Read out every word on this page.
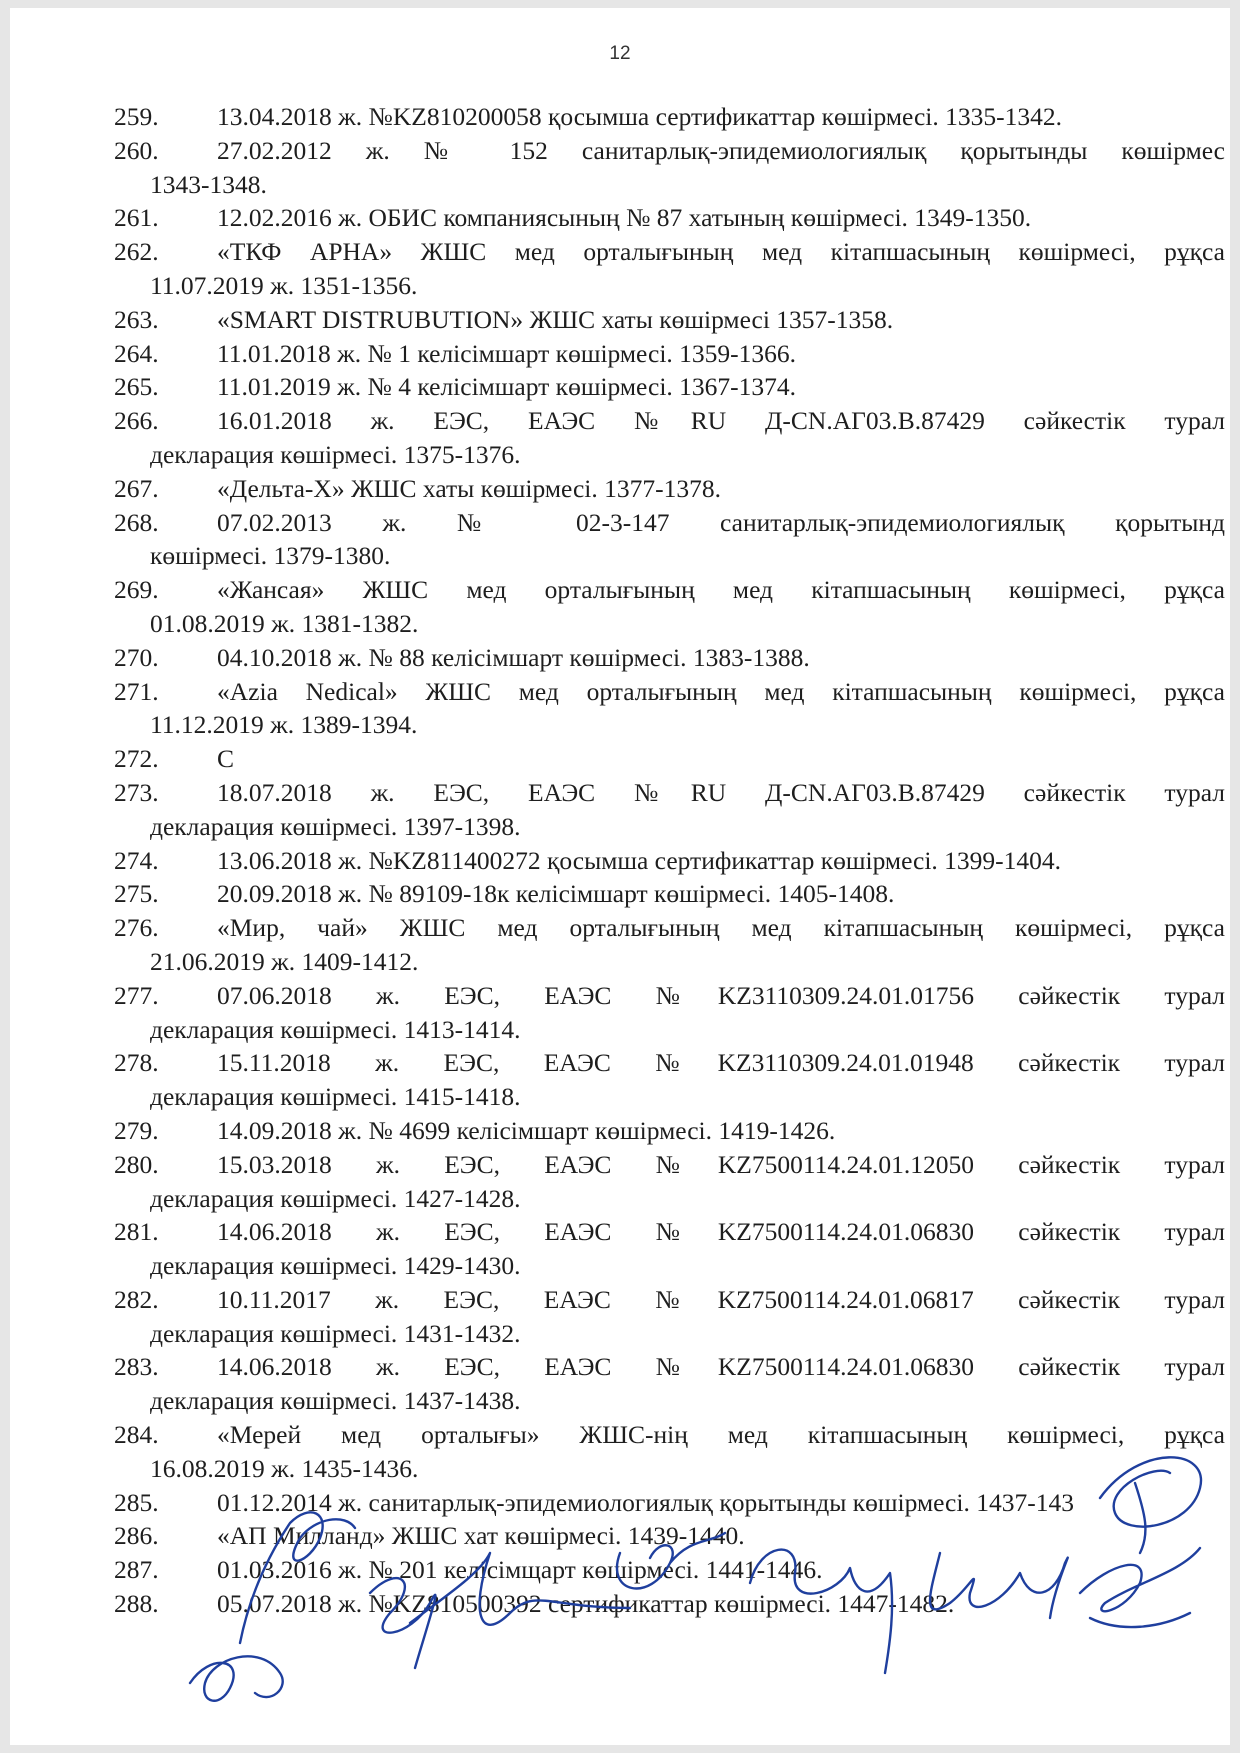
12
259. 13.04.2018 ж. №KZ810200058 қосымша сертификаттар көшірмесі. 1335-1342.
260. 27.02.2012 ж. № 152 санитарлық-эпидемиологиялық қорытынды көшірмес
1343-1348.
261. 12.02.2016 ж. ОБИС компаниясының № 87 хатының көшірмесі. 1349-1350.
262. «ТКФ АРНА» ЖШС мед орталығының мед кітапшасының көшірмесі, рұқса
11.07.2019 ж. 1351-1356.
263. «SMART DISTRUBUTION» ЖШС хаты көшірмесі 1357-1358.
264. 11.01.2018 ж. № 1 келісімшарт көшірмесі. 1359-1366.
265. 11.01.2019 ж. № 4 келісімшарт көшірмесі. 1367-1374.
266. 16.01.2018 ж. ЕЭС, ЕАЭС №RU Д-CN.АГ03.В.87429 сәйкестік турал
декларация көшірмесі. 1375-1376.
267. «Дельта-Х» ЖШС хаты көшірмесі. 1377-1378.
268. 07.02.2013 ж. № 02-3-147 санитарлық-эпидемиологиялық қорытынд
көшірмесі. 1379-1380.
269. «Жансая» ЖШС мед орталығының мед кітапшасының көшірмесі, рұқса
01.08.2019 ж. 1381-1382.
270. 04.10.2018 ж. № 88 келісімшарт көшірмесі. 1383-1388.
271. «Azia Nedical» ЖШС мед орталығының мед кітапшасының көшірмесі, рұқса
11.12.2019 ж. 1389-1394.
272. С
273. 18.07.2018 ж. ЕЭС, ЕАЭС №RU Д-CN.АГ03.В.87429 сәйкестік турал
декларация көшірмесі. 1397-1398.
274. 13.06.2018 ж. №KZ811400272 қосымша сертификаттар көшірмесі. 1399-1404.
275. 20.09.2018 ж. № 89109-18к келісімшарт көшірмесі. 1405-1408.
276. «Мир, чай» ЖШС мед орталығының мед кітапшасының көшірмесі, рұқса
21.06.2019 ж. 1409-1412.
277. 07.06.2018 ж. ЕЭС, ЕАЭС №KZ3110309.24.01.01756 сәйкестік турал
декларация көшірмесі. 1413-1414.
278. 15.11.2018 ж. ЕЭС, ЕАЭС №KZ3110309.24.01.01948 сәйкестік турал
декларация көшірмесі. 1415-1418.
279. 14.09.2018 ж. № 4699 келісімшарт көшірмесі. 1419-1426.
280. 15.03.2018 ж. ЕЭС, ЕАЭС №KZ7500114.24.01.12050 сәйкестік турал
декларация көшірмесі. 1427-1428.
281. 14.06.2018 ж. ЕЭС, ЕАЭС №KZ7500114.24.01.06830 сәйкестік турал
декларация көшірмесі. 1429-1430.
282. 10.11.2017 ж. ЕЭС, ЕАЭС №KZ7500114.24.01.06817 сәйкестік турал
декларация көшірмесі. 1431-1432.
283. 14.06.2018 ж. ЕЭС, ЕАЭС №KZ7500114.24.01.06830 сәйкестік турал
декларация көшірмесі. 1437-1438.
284. «Мерей мед орталығы» ЖШС-нің мед кітапшасының көшірмесі, рұқса
16.08.2019 ж. 1435-1436.
285. 01.12.2014 ж. санитарлық-эпидемиологиялық қорытынды көшірмесі. 1437-143
286. «АП Милланд» ЖШС хат көшірмесі. 1439-1440.
287. 01.03.2016 ж. № 201 келісімщарт көшірмесі. 1441-1446.
288. 05.07.2018 ж. №KZ810500392 сертификаттар көшірмесі. 1447-1482.
